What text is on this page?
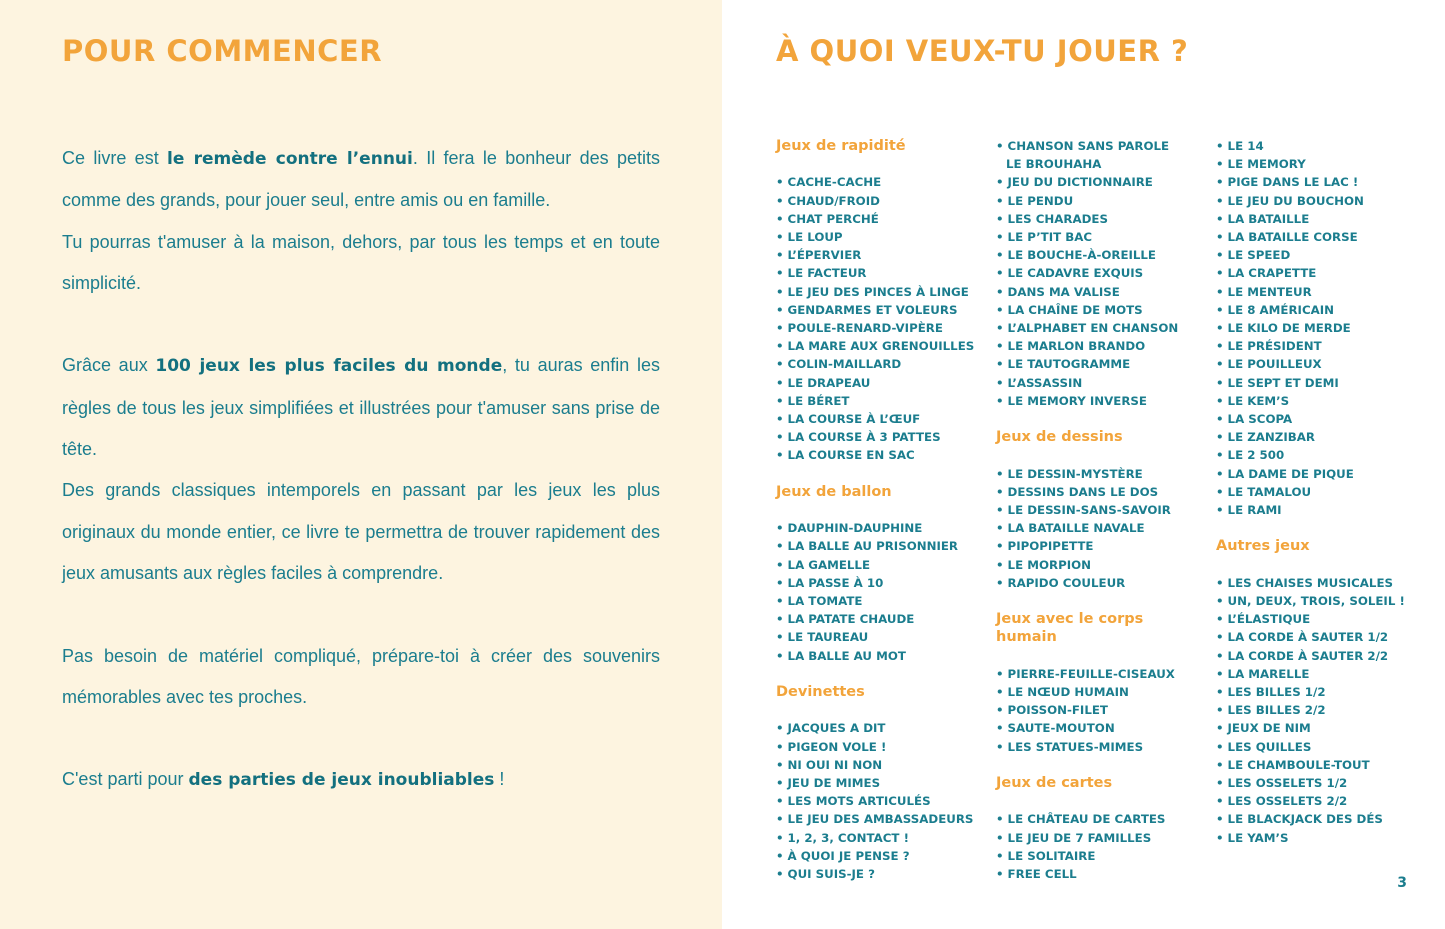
POUR COMMENCER

Ce livre est le remède contre l’ennui. Il fera le bonheur des petits comme des grands, pour jouer seul, entre amis ou en famille.

Tu pourras t'amuser à la maison, dehors, par tous les temps et en toute simplicité.

Grâce aux 100 jeux les plus faciles du monde, tu auras enfin les règles de tous les jeux simplifiées et illustrées pour t'amuser sans prise de tête.

Des grands classiques intemporels en passant par les jeux les plus originaux du monde entier, ce livre te permettra de trouver rapidement des jeux amusants aux règles faciles à comprendre.

Pas besoin de matériel compliqué, prépare-toi à créer des souvenirs mémorables avec tes proches.

C'est parti pour des parties de jeux inoubliables !

À QUOI VEUX-TU JOUER ?
Jeux de rapidité
• CACHE-CACHE
• CHAUD/FROID
• CHAT PERCHÉ
• LE LOUP
• L’ÉPERVIER
• LE FACTEUR
• LE JEU DES PINCES À LINGE
• GENDARMES ET VOLEURS
• POULE-RENARD-VIPÈRE
• LA MARE AUX GRENOUILLES
• COLIN-MAILLARD
• LE DRAPEAU
• LE BÉRET
• LA COURSE À L’ŒUF
• LA COURSE À 3 PATTES
• LA COURSE EN SAC
Jeux de ballon
• DAUPHIN-DAUPHINE
• LA BALLE AU PRISONNIER
• LA GAMELLE
• LA PASSE À 10
• LA TOMATE
• LA PATATE CHAUDE
• LE TAUREAU
• LA BALLE AU MOT
Devinettes
• JACQUES A DIT
• PIGEON VOLE !
• NI OUI NI NON
• JEU DE MIMES
• LES MOTS ARTICULÉS
• LE JEU DES AMBASSADEURS
• 1, 2, 3, CONTACT !
• À QUOI JE PENSE ?
• QUI SUIS-JE ?
• CHANSON SANS PAROLE
LE BROUHAHA
• JEU DU DICTIONNAIRE
• LE PENDU
• LES CHARADES
• LE P’TIT BAC
• LE BOUCHE-À-OREILLE
• LE CADAVRE EXQUIS
• DANS MA VALISE
• LA CHAÎNE DE MOTS
• L’ALPHABET EN CHANSON
• LE MARLON BRANDO
• LE TAUTOGRAMME
• L’ASSASSIN
• LE MEMORY INVERSE
Jeux de dessins
• LE DESSIN-MYSTÈRE
• DESSINS DANS LE DOS
• LE DESSIN-SANS-SAVOIR
• LA BATAILLE NAVALE
• PIPOPIPETTE
• LE MORPION
• RAPIDO COULEUR
Jeux avec le corps
humain
• PIERRE-FEUILLE-CISEAUX
• LE NŒUD HUMAIN
• POISSON-FILET
• SAUTE-MOUTON
• LES STATUES-MIMES
Jeux de cartes
• LE CHÂTEAU DE CARTES
• LE JEU DE 7 FAMILLES
• LE SOLITAIRE
• FREE CELL
• LE 14
• LE MEMORY
• PIGE DANS LE LAC !
• LE JEU DU BOUCHON
• LA BATAILLE
• LA BATAILLE CORSE
• LE SPEED
• LA CRAPETTE
• LE MENTEUR
• LE 8 AMÉRICAIN
• LE KILO DE MERDE
• LE PRÉSIDENT
• LE POUILLEUX
• LE SEPT ET DEMI
• LE KEM’S
• LA SCOPA
• LE ZANZIBAR
• LE 2 500
• LA DAME DE PIQUE
• LE TAMALOU
• LE RAMI
Autres jeux
• LES CHAISES MUSICALES
• UN, DEUX, TROIS, SOLEIL !
• L’ÉLASTIQUE
• LA CORDE À SAUTER 1/2
• LA CORDE À SAUTER 2/2
• LA MARELLE
• LES BILLES 1/2
• LES BILLES 2/2
• JEUX DE NIM
• LES QUILLES
• LE CHAMBOULE-TOUT
• LES OSSELETS 1/2
• LES OSSELETS 2/2
• LE BLACKJACK DES DÉS
• LE YAM’S
3
